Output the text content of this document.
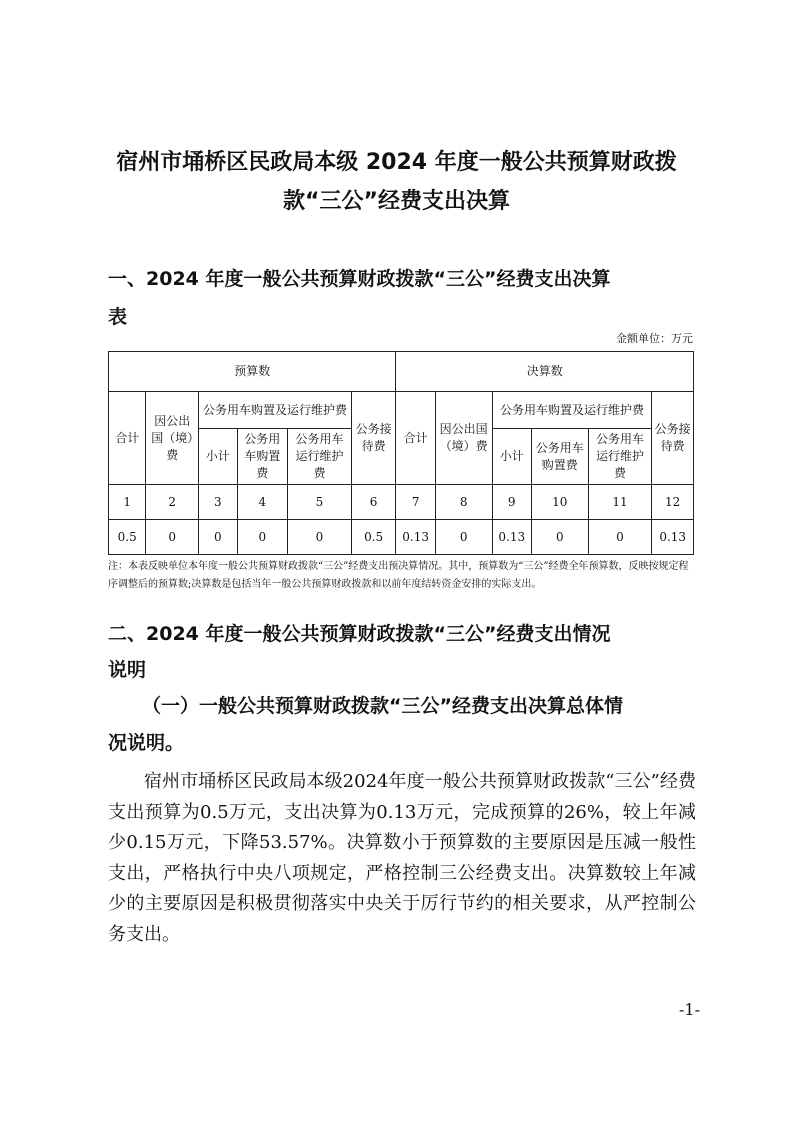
宿州市埇桥区民政局本级 2024 年度一般公共预算财政拨
款“三公”经费支出决算
一、2024 年度一般公共预算财政拨款“三公”经费支出决算
表
金额单位：万元
预算数						决算数					
合计	因公出国（境）费	公务用车购置及运行维护费			公务接待费	合计	因公出国（境）费	公务用车购置及运行维护费			公务接待费
		小计	公务用车购置费	公务用车运行维护费				小计	公务用车购置费	公务用车运行维护费	
1	2	3	4	5	6	7	8	9	10	11	12
0.5	0	0	0	0	0.5	0.13	0	0.13	0	0	0.13
注：本表反映单位本年度一般公共预算财政拨款“三公”经费支出预决算情况。其中，预算数为“三公”经费全年预算数，反映按规定程序调整后的预算数;决算数是包括当年一般公共预算财政拨款和以前年度结转资金安排的实际支出。
二、2024 年度一般公共预算财政拨款“三公”经费支出情况
说明
（一）一般公共预算财政拨款“三公”经费支出决算总体情
况说明。

宿州市埇桥区民政局本级2024年度一般公共预算财政拨款“三公”经费支出预算为0.5万元，支出决算为0.13万元，完成预算的26%，较上年减少0.15万元，下降53.57%。决算数小于预算数的主要原因是压减一般性支出，严格执行中央八项规定，严格控制三公经费支出。决算数较上年减少的主要原因是积极贯彻落实中央关于厉行节约的相关要求，从严控制公务支出。

-1-
